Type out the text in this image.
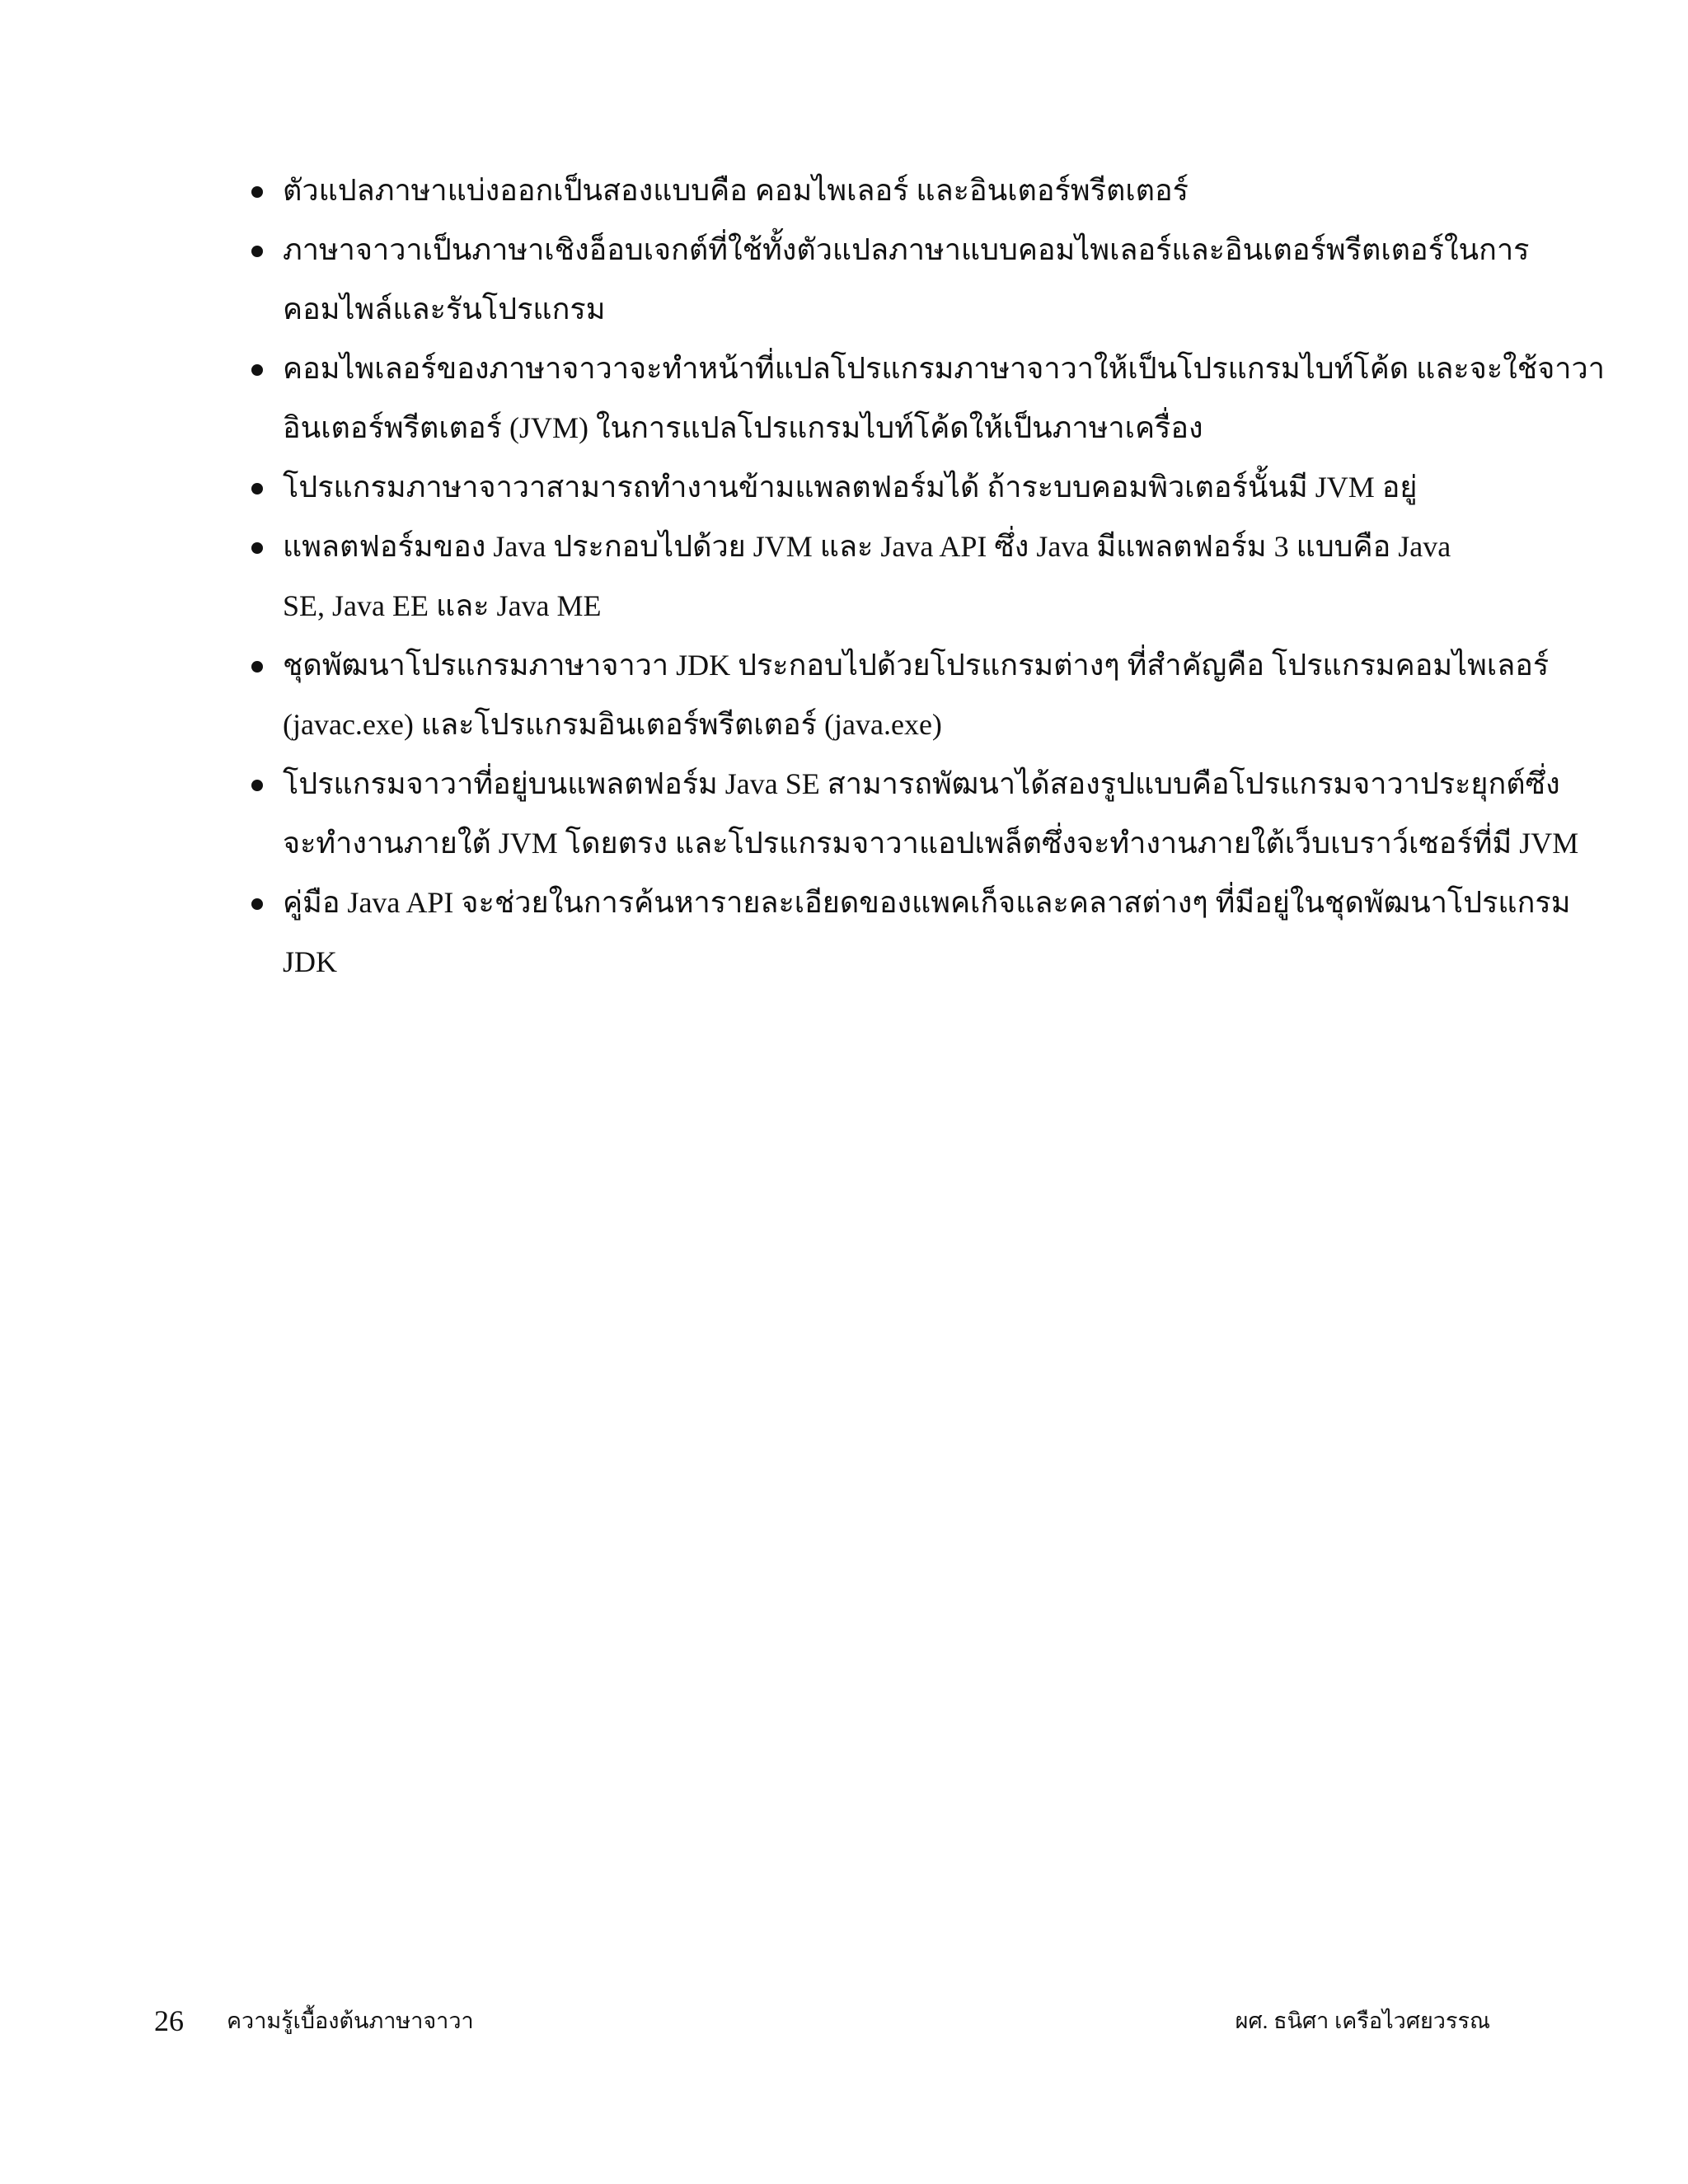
ตัวแปลภาษาแบ่งออกเป็นสองแบบคือ คอมไพเลอร์ และอินเตอร์พรีตเตอร์
ภาษาจาวาเป็นภาษาเชิงอ็อบเจกต์ที่ใช้ทั้งตัวแปลภาษาแบบคอมไพเลอร์และอินเตอร์พรีตเตอร์ในการ
คอมไพล์และรันโปรแกรม
คอมไพเลอร์ของภาษาจาวาจะทำหน้าที่แปลโปรแกรมภาษาจาวาให้เป็นโปรแกรมไบท์โค้ด และจะใช้จาวา
อินเตอร์พรีตเตอร์ (JVM) ในการแปลโปรแกรมไบท์โค้ดให้เป็นภาษาเครื่อง
โปรแกรมภาษาจาวาสามารถทำงานข้ามแพลตฟอร์มได้ ถ้าระบบคอมพิวเตอร์นั้นมี JVM อยู่
แพลตฟอร์มของ Java ประกอบไปด้วย JVM และ Java API ซึ่ง Java มีแพลตฟอร์ม 3 แบบคือ Java
SE, Java EE และ Java ME
ชุดพัฒนาโปรแกรมภาษาจาวา JDK ประกอบไปด้วยโปรแกรมต่างๆ ที่สำคัญคือ โปรแกรมคอมไพเลอร์
(javac.exe) และโปรแกรมอินเตอร์พรีตเตอร์ (java.exe)
โปรแกรมจาวาที่อยู่บนแพลตฟอร์ม Java SE สามารถพัฒนาได้สองรูปแบบคือโปรแกรมจาวาประยุกต์ซึ่ง
จะทำงานภายใต้ JVM โดยตรง และโปรแกรมจาวาแอปเพล็ตซึ่งจะทำงานภายใต้เว็บเบราว์เซอร์ที่มี JVM
คู่มือ Java API จะช่วยในการค้นหารายละเอียดของแพคเก็จและคลาสต่างๆ ที่มีอยู่ในชุดพัฒนาโปรแกรม
JDK
26 ความรู้เบื้องต้นภาษาจาวา	ผศ. ธนิศา เครือไวศยวรรณ
